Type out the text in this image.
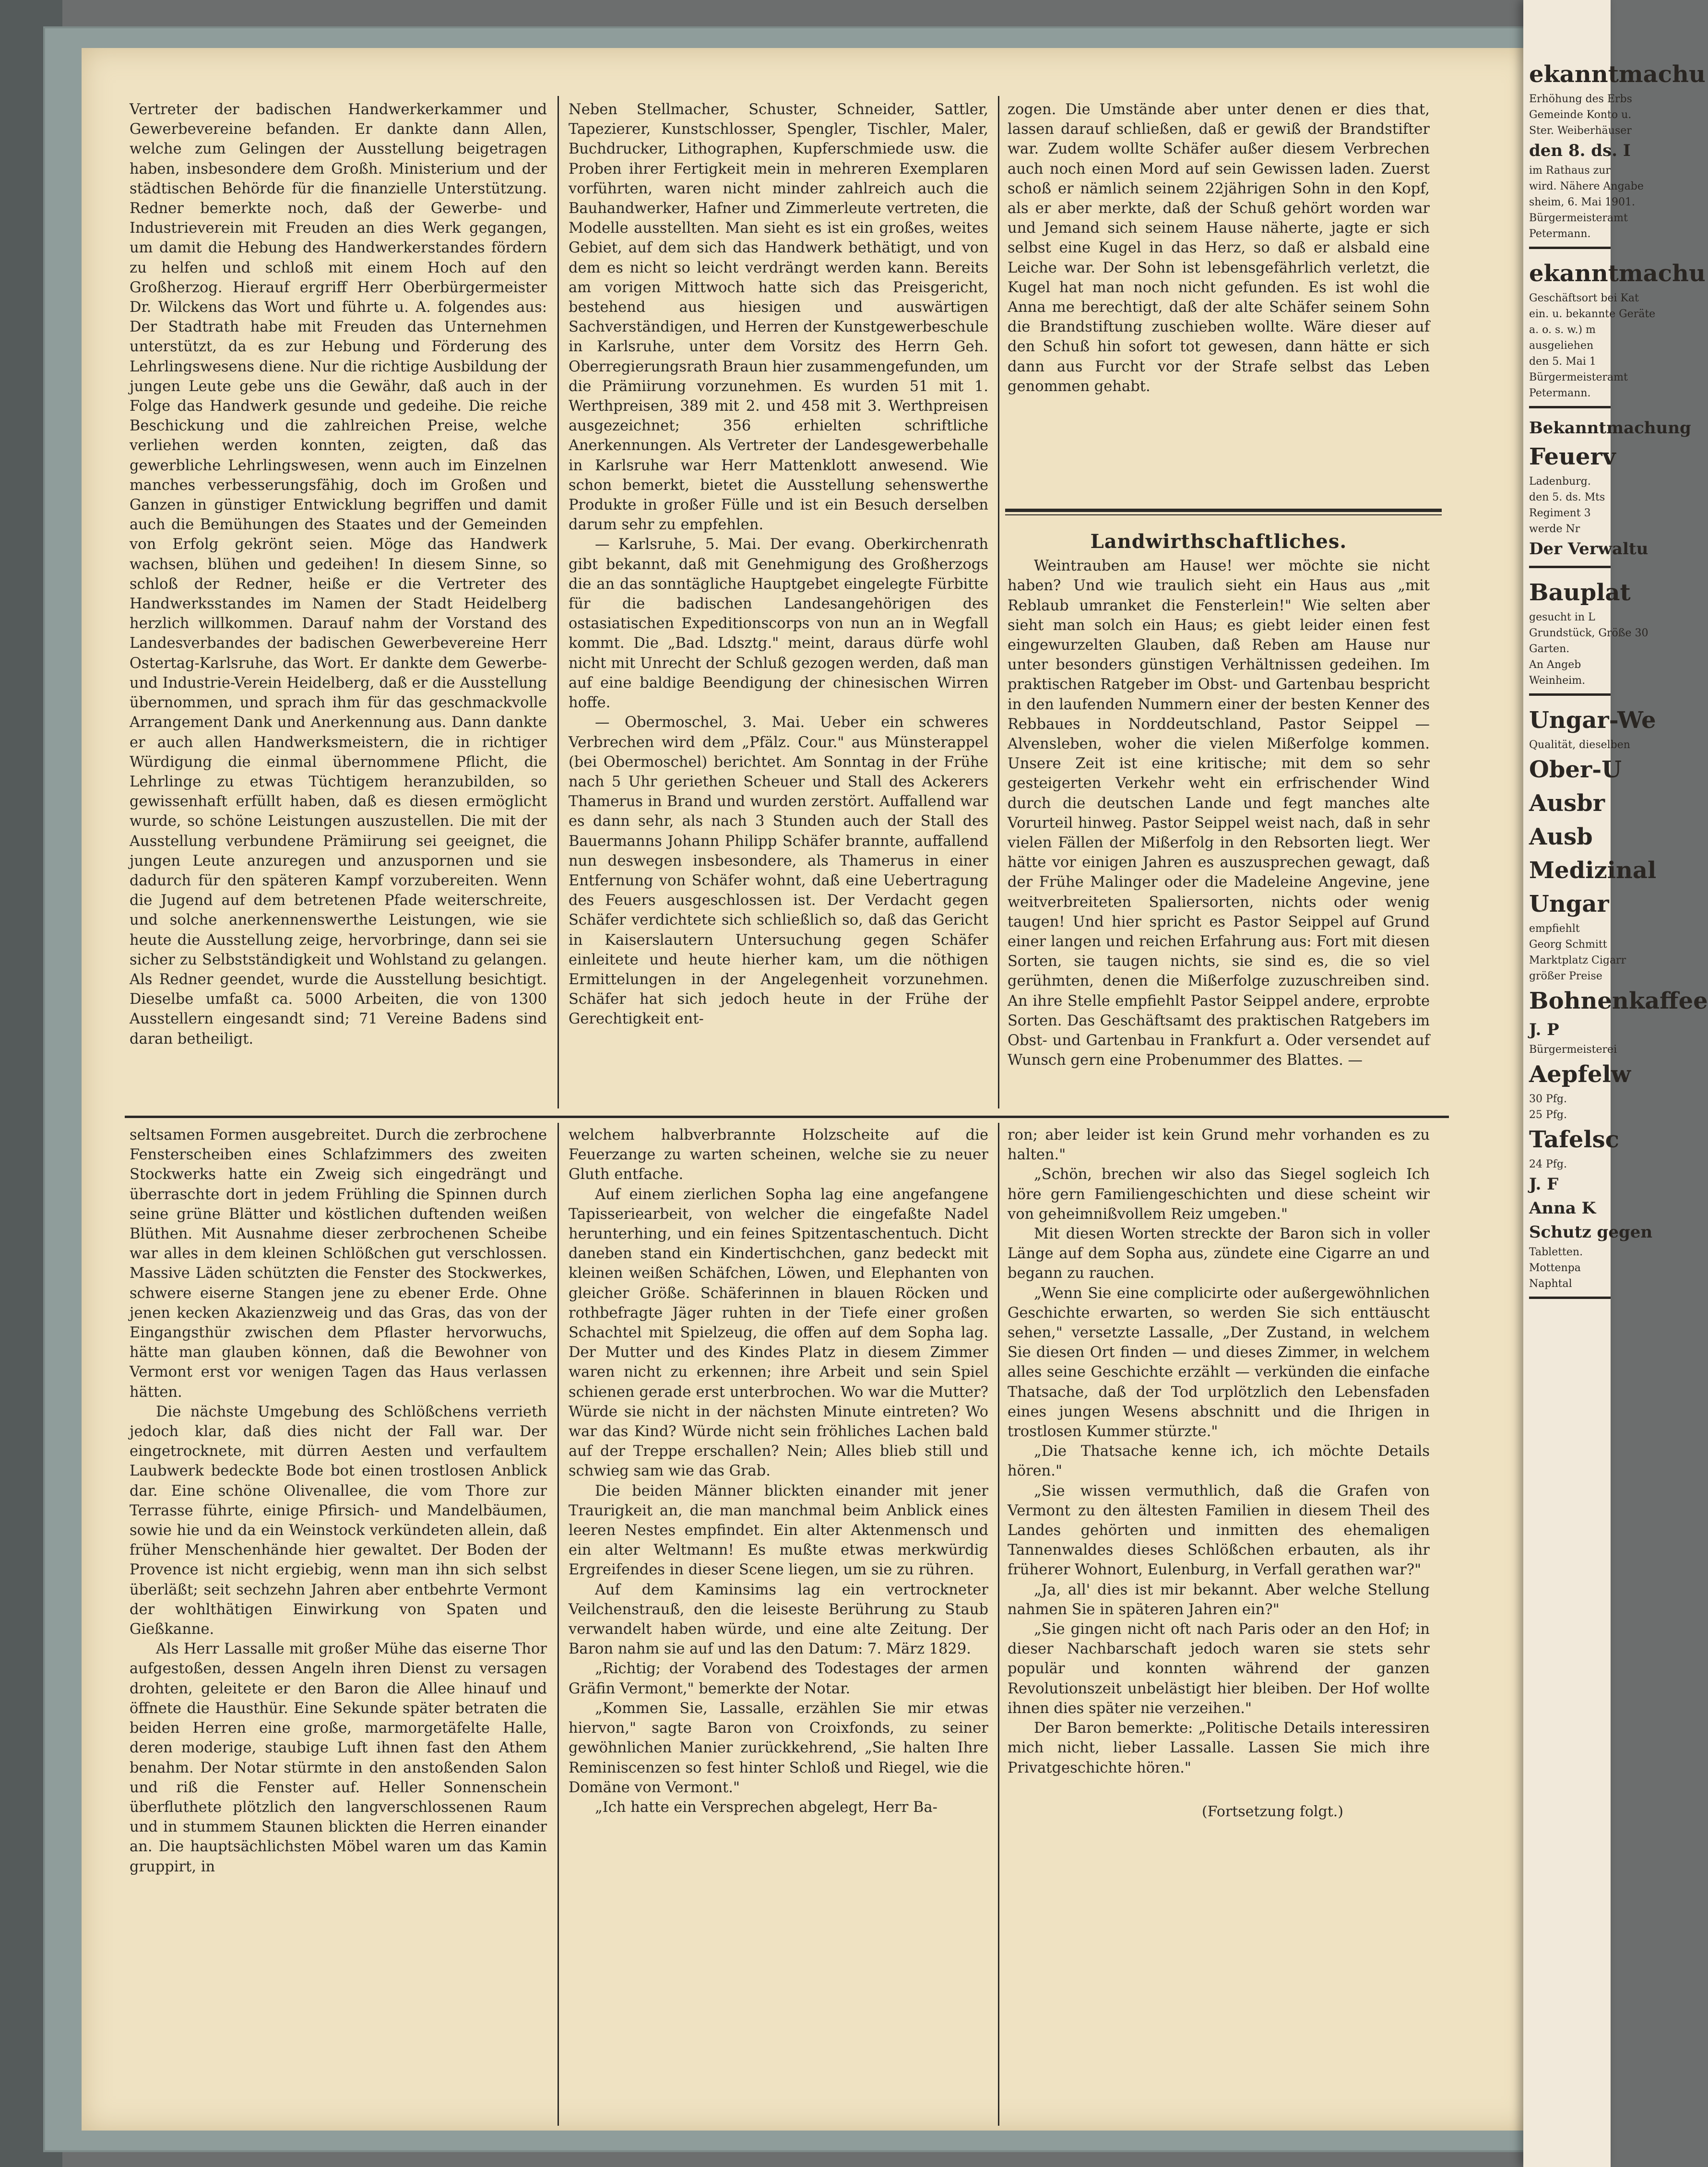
Vertreter der badischen Handwerkerkammer und Gewerbevereine befanden. Er dankte dann Allen, welche zum Gelingen der Ausstellung beigetragen haben, insbesondere dem Großh. Ministerium und der städtischen Behörde für die finanzielle Unterstützung. Redner bemerkte noch, daß der Gewerbe- und Industrieverein mit Freuden an dies Werk gegangen, um damit die Hebung des Handwerkerstandes fördern zu helfen und schloß mit einem Hoch auf den Großherzog. Hierauf ergriff Herr Oberbürgermeister Dr. Wilckens das Wort und führte u. A. folgendes aus: Der Stadtrath habe mit Freuden das Unternehmen unterstützt, da es zur Hebung und Förderung des Lehrlingswesens diene. Nur die richtige Ausbildung der jungen Leute gebe uns die Gewähr, daß auch in der Folge das Handwerk gesunde und gedeihe. Die reiche Beschickung und die zahlreichen Preise, welche verliehen werden konnten, zeigten, daß das gewerbliche Lehrlingswesen, wenn auch im Einzelnen manches verbesserungsfähig, doch im Großen und Ganzen in günstiger Entwicklung begriffen und damit auch die Bemühungen des Staates und der Gemeinden von Erfolg gekrönt seien. Möge das Handwerk wachsen, blühen und gedeihen! In diesem Sinne, so schloß der Redner, heiße er die Vertreter des Handwerksstandes im Namen der Stadt Heidelberg herzlich willkommen. Darauf nahm der Vorstand des Landesverbandes der badischen Gewerbevereine Herr Ostertag-Karlsruhe, das Wort. Er dankte dem Gewerbe- und Industrie-Verein Heidelberg, daß er die Ausstellung übernommen, und sprach ihm für das geschmackvolle Arrangement Dank und Anerkennung aus. Dann dankte er auch allen Handwerksmeistern, die in richtiger Würdigung die einmal übernommene Pflicht, die Lehrlinge zu etwas Tüchtigem heranzubilden, so gewissenhaft erfüllt haben, daß es diesen ermöglicht wurde, so schöne Leistungen auszustellen. Die mit der Ausstellung verbundene Prämiirung sei geeignet, die jungen Leute anzuregen und anzuspornen und sie dadurch für den späteren Kampf vorzubereiten. Wenn die Jugend auf dem betretenen Pfade weiterschreite, und solche anerkennenswerthe Leistungen, wie sie heute die Ausstellung zeige, hervorbringe, dann sei sie sicher zu Selbstständigkeit und Wohlstand zu gelangen. Als Redner geendet, wurde die Ausstellung besichtigt. Dieselbe umfaßt ca. 5000 Arbeiten, die von 1300 Ausstellern eingesandt sind; 71 Vereine Badens sind daran betheiligt.

Neben Stellmacher, Schuster, Schneider, Sattler, Tapezierer, Kunstschlosser, Spengler, Tischler, Maler, Buchdrucker, Lithographen, Kupferschmiede usw. die Proben ihrer Fertigkeit mein in mehreren Exemplaren vorführten, waren nicht minder zahlreich auch die Bauhandwerker, Hafner und Zimmerleute vertreten, die Modelle ausstellten. Man sieht es ist ein großes, weites Gebiet, auf dem sich das Handwerk bethätigt, und von dem es nicht so leicht verdrängt werden kann. Bereits am vorigen Mittwoch hatte sich das Preisgericht, bestehend aus hiesigen und auswärtigen Sachverständigen, und Herren der Kunstgewerbeschule in Karlsruhe, unter dem Vorsitz des Herrn Geh. Oberregierungsrath Braun hier zusammengefunden, um die Prämiirung vorzunehmen. Es wurden 51 mit 1. Werthpreisen, 389 mit 2. und 458 mit 3. Werthpreisen ausgezeichnet; 356 erhielten schriftliche Anerkennungen. Als Vertreter der Landesgewerbehalle in Karlsruhe war Herr Mattenklott anwesend. Wie schon bemerkt, bietet die Ausstellung sehenswerthe Produkte in großer Fülle und ist ein Besuch derselben darum sehr zu empfehlen.

— Karlsruhe, 5. Mai. Der evang. Oberkirchenrath gibt bekannt, daß mit Genehmigung des Großherzogs die an das sonntägliche Hauptgebet eingelegte Fürbitte für die badischen Landesangehörigen des ostasiatischen Expeditionscorps von nun an in Wegfall kommt. Die „Bad. Ldsztg." meint, daraus dürfe wohl nicht mit Unrecht der Schluß gezogen werden, daß man auf eine baldige Beendigung der chinesischen Wirren hoffe.

— Obermoschel, 3. Mai. Ueber ein schweres Verbrechen wird dem „Pfälz. Cour." aus Münsterappel (bei Obermoschel) berichtet. Am Sonntag in der Frühe nach 5 Uhr geriethen Scheuer und Stall des Ackerers Thamerus in Brand und wurden zerstört. Auffallend war es dann sehr, als nach 3 Stunden auch der Stall des Bauermanns Johann Philipp Schäfer brannte, auffallend nun deswegen insbesondere, als Thamerus in einer Entfernung von Schäfer wohnt, daß eine Uebertragung des Feuers ausgeschlossen ist. Der Verdacht gegen Schäfer verdichtete sich schließlich so, daß das Gericht in Kaiserslautern Untersuchung gegen Schäfer einleitete und heute hierher kam, um die nöthigen Ermittelungen in der Angelegenheit vorzunehmen. Schäfer hat sich jedoch heute in der Frühe der Gerechtigkeit ent-

zogen. Die Umstände aber unter denen er dies that, lassen darauf schließen, daß er gewiß der Brandstifter war. Zudem wollte Schäfer außer diesem Verbrechen auch noch einen Mord auf sein Gewissen laden. Zuerst schoß er nämlich seinem 22jährigen Sohn in den Kopf, als er aber merkte, daß der Schuß gehört worden war und Jemand sich seinem Hause näherte, jagte er sich selbst eine Kugel in das Herz, so daß er alsbald eine Leiche war. Der Sohn ist lebensgefährlich verletzt, die Kugel hat man noch nicht gefunden. Es ist wohl die Anna me berechtigt, daß der alte Schäfer seinem Sohn die Brandstiftung zuschieben wollte. Wäre dieser auf den Schuß hin sofort tot gewesen, dann hätte er sich dann aus Furcht vor der Strafe selbst das Leben genommen gehabt.

Landwirthschaftliches.

Weintrauben am Hause! wer möchte sie nicht haben? Und wie traulich sieht ein Haus aus „mit Reblaub umranket die Fensterlein!" Wie selten aber sieht man solch ein Haus; es giebt leider einen fest eingewurzelten Glauben, daß Reben am Hause nur unter besonders günstigen Verhältnissen gedeihen. Im praktischen Ratgeber im Obst- und Gartenbau bespricht in den laufenden Nummern einer der besten Kenner des Rebbaues in Norddeutschland, Pastor Seippel — Alvensleben, woher die vielen Mißerfolge kommen. Unsere Zeit ist eine kritische; mit dem so sehr gesteigerten Verkehr weht ein erfrischender Wind durch die deutschen Lande und fegt manches alte Vorurteil hinweg. Pastor Seippel weist nach, daß in sehr vielen Fällen der Mißerfolg in den Rebsorten liegt. Wer hätte vor einigen Jahren es auszusprechen gewagt, daß der Frühe Malinger oder die Madeleine Angevine, jene weitverbreiteten Spaliersorten, nichts oder wenig taugen! Und hier spricht es Pastor Seippel auf Grund einer langen und reichen Erfahrung aus: Fort mit diesen Sorten, sie taugen nichts, sie sind es, die so viel gerühmten, denen die Mißerfolge zuzuschreiben sind. An ihre Stelle empfiehlt Pastor Seippel andere, erprobte Sorten. Das Geschäftsamt des praktischen Ratgebers im Obst- und Gartenbau in Frankfurt a. Oder versendet auf Wunsch gern eine Probenummer des Blattes. —

seltsamen Formen ausgebreitet. Durch die zerbrochene Fensterscheiben eines Schlafzimmers des zweiten Stockwerks hatte ein Zweig sich eingedrängt und überraschte dort in jedem Frühling die Spinnen durch seine grüne Blätter und köstlichen duftenden weißen Blüthen. Mit Ausnahme dieser zerbrochenen Scheibe war alles in dem kleinen Schlößchen gut verschlossen. Massive Läden schützten die Fenster des Stockwerkes, schwere eiserne Stangen jene zu ebener Erde. Ohne jenen kecken Akazienzweig und das Gras, das von der Eingangsthür zwischen dem Pflaster hervorwuchs, hätte man glauben können, daß die Bewohner von Vermont erst vor wenigen Tagen das Haus verlassen hätten.

Die nächste Umgebung des Schlößchens verrieth jedoch klar, daß dies nicht der Fall war. Der eingetrocknete, mit dürren Aesten und verfaultem Laubwerk bedeckte Bode bot einen trostlosen Anblick dar. Eine schöne Olivenallee, die vom Thore zur Terrasse führte, einige Pfirsich- und Mandelbäumen, sowie hie und da ein Weinstock verkündeten allein, daß früher Menschenhände hier gewaltet. Der Boden der Provence ist nicht ergiebig, wenn man ihn sich selbst überläßt; seit sechzehn Jahren aber entbehrte Vermont der wohlthätigen Einwirkung von Spaten und Gießkanne.

Als Herr Lassalle mit großer Mühe das eiserne Thor aufgestoßen, dessen Angeln ihren Dienst zu versagen drohten, geleitete er den Baron die Allee hinauf und öffnete die Hausthür. Eine Sekunde später betraten die beiden Herren eine große, marmorgetäfelte Halle, deren moderige, staubige Luft ihnen fast den Athem benahm. Der Notar stürmte in den anstoßenden Salon und riß die Fenster auf. Heller Sonnenschein überfluthete plötzlich den langverschlossenen Raum und in stummem Staunen blickten die Herren einander an. Die hauptsächlichsten Möbel waren um das Kamin gruppirt, in

welchem halbverbrannte Holzscheite auf die Feuerzange zu warten scheinen, welche sie zu neuer Gluth entfache.

Auf einem zierlichen Sopha lag eine angefangene Tapisseriearbeit, von welcher die eingefaßte Nadel herunterhing, und ein feines Spitzentaschentuch. Dicht daneben stand ein Kindertischchen, ganz bedeckt mit kleinen weißen Schäfchen, Löwen, und Elephanten von gleicher Größe. Schäferinnen in blauen Röcken und rothbefragte Jäger ruhten in der Tiefe einer großen Schachtel mit Spielzeug, die offen auf dem Sopha lag. Der Mutter und des Kindes Platz in diesem Zimmer waren nicht zu erkennen; ihre Arbeit und sein Spiel schienen gerade erst unterbrochen. Wo war die Mutter? Würde sie nicht in der nächsten Minute eintreten? Wo war das Kind? Würde nicht sein fröhliches Lachen bald auf der Treppe erschallen? Nein; Alles blieb still und schwieg sam wie das Grab.

Die beiden Männer blickten einander mit jener Traurigkeit an, die man manchmal beim Anblick eines leeren Nestes empfindet. Ein alter Aktenmensch und ein alter Weltmann! Es mußte etwas merkwürdig Ergreifendes in dieser Scene liegen, um sie zu rühren.

Auf dem Kaminsims lag ein vertrockneter Veilchenstrauß, den die leiseste Berührung zu Staub verwandelt haben würde, und eine alte Zeitung. Der Baron nahm sie auf und las den Datum: 7. März 1829.

„Richtig; der Vorabend des Todestages der armen Gräfin Vermont," bemerkte der Notar.

„Kommen Sie, Lassalle, erzählen Sie mir etwas hiervon," sagte Baron von Croixfonds, zu seiner gewöhnlichen Manier zurückkehrend, „Sie halten Ihre Reminiscenzen so fest hinter Schloß und Riegel, wie die Domäne von Vermont."

„Ich hatte ein Versprechen abgelegt, Herr Ba-

ron; aber leider ist kein Grund mehr vorhanden es zu halten."

„Schön, brechen wir also das Siegel sogleich Ich höre gern Familiengeschichten und diese scheint wir von geheimnißvollem Reiz umgeben."

Mit diesen Worten streckte der Baron sich in voller Länge auf dem Sopha aus, zündete eine Cigarre an und begann zu rauchen.

„Wenn Sie eine complicirte oder außergewöhnlichen Geschichte erwarten, so werden Sie sich enttäuscht sehen," versetzte Lassalle, „Der Zustand, in welchem Sie diesen Ort finden — und dieses Zimmer, in welchem alles seine Geschichte erzählt — verkünden die einfache Thatsache, daß der Tod urplötzlich den Lebensfaden eines jungen Wesens abschnitt und die Ihrigen in trostlosen Kummer stürzte."

„Die Thatsache kenne ich, ich möchte Details hören."

„Sie wissen vermuthlich, daß die Grafen von Vermont zu den ältesten Familien in diesem Theil des Landes gehörten und inmitten des ehemaligen Tannenwaldes dieses Schlößchen erbauten, als ihr früherer Wohnort, Eulenburg, in Verfall gerathen war?"

„Ja, all' dies ist mir bekannt. Aber welche Stellung nahmen Sie in späteren Jahren ein?"

„Sie gingen nicht oft nach Paris oder an den Hof; in dieser Nachbarschaft jedoch waren sie stets sehr populär und konnten während der ganzen Revolutionszeit unbelästigt hier bleiben. Der Hof wollte ihnen dies später nie verzeihen."

Der Baron bemerkte: „Politische Details interessiren mich nicht, lieber Lassalle. Lassen Sie mich ihre Privatgeschichte hören."

(Fortsetzung folgt.)
ekanntmachu
Erhöhung des Erbs
Gemeinde Konto u.
Ster. Weiberhäuser
den 8. ds. I
im Rathaus zur
wird. Nähere Angabe
sheim, 6. Mai 1901.
Bürgermeisteramt
Petermann.
ekanntmachu
Geschäftsort bei Kat
ein. u. bekannte Geräte
a. o. s. w.) m
ausgeliehen
den 5. Mai 1
Bürgermeisteramt
Petermann.
Bekanntmachung
Feuerv
Ladenburg.
den 5. ds. Mts
Regiment 3
werde Nr
Der Verwaltu
Bauplat
gesucht in L
Grundstück, Größe 30
Garten.
An Angeb
Weinheim.
Ungar-We
Qualität, dieselben
Ober-U
Ausbr
Ausb
Medizinal
Ungar
empfiehlt
Georg Schmitt
Marktplatz Cigarr
größer Preise
Bohnenkaffee
J. P
Bürgermeisterei
Aepfelw
30 Pfg.
25 Pfg.
Tafelsc
24 Pfg.
J. F
Anna K
Schutz gegen
Tabletten.
Mottenpa
Naphtal
